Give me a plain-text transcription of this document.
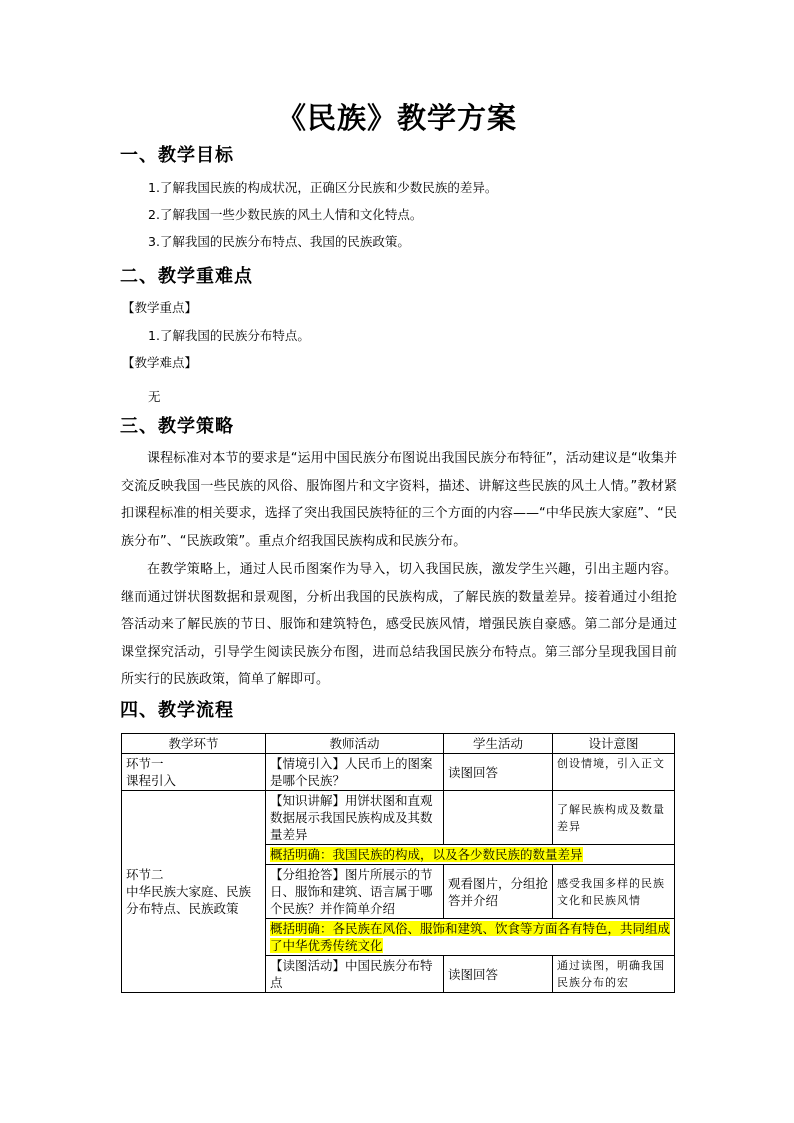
《民族》教学方案
一、教学目标
1.了解我国民族的构成状况，正确区分民族和少数民族的差异。
2.了解我国一些少数民族的风土人情和文化特点。
3.了解我国的民族分布特点、我国的民族政策。
二、教学重难点
【教学重点】
1.了解我国的民族分布特点。
【教学难点】
无
三、教学策略
课程标准对本节的要求是“运用中国民族分布图说出我国民族分布特征”，活动建议是“收集并交流反映我国一些民族的风俗、服饰图片和文字资料，描述、讲解这些民族的风土人情。”教材紧扣课程标准的相关要求，选择了突出我国民族特征的三个方面的内容——“中华民族大家庭”、“民族分布”、“民族政策”。重点介绍我国民族构成和民族分布。
在教学策略上，通过人民币图案作为导入，切入我国民族，激发学生兴趣，引出主题内容。继而通过饼状图数据和景观图，分析出我国的民族构成，了解民族的数量差异。接着通过小组抢答活动来了解民族的节日、服饰和建筑特色，感受民族风情，增强民族自豪感。第二部分是通过课堂探究活动，引导学生阅读民族分布图，进而总结我国民族分布特点。第三部分呈现我国目前所实行的民族政策，简单了解即可。
四、教学流程
教学环节	教师活动	学生活动	设计意图

环节一
课程引入	【情境引入】人民币上的图案是哪个民族？	读图回答	创设情境，引入正文

环节二
中华民族大家庭、民族分布特点、民族政策	【知识讲解】用饼状图和直观数据展示我国民族构成及其数量差异		了解民族构成及数量差异
	概括明确：我国民族的构成，以及各少数民族的数量差异		
	【分组抢答】图片所展示的节日、服饰和建筑、语言属于哪个民族？并作简单介绍	观看图片，分组抢答并介绍	感受我国多样的民族文化和民族风情
	概括明确：各民族在风俗、服饰和建筑、饮食等方面各有特色，共同组成了中华优秀传统文化		
	【读图活动】中国民族分布特点	读图回答	通过读图，明确我国民族分布的宏
